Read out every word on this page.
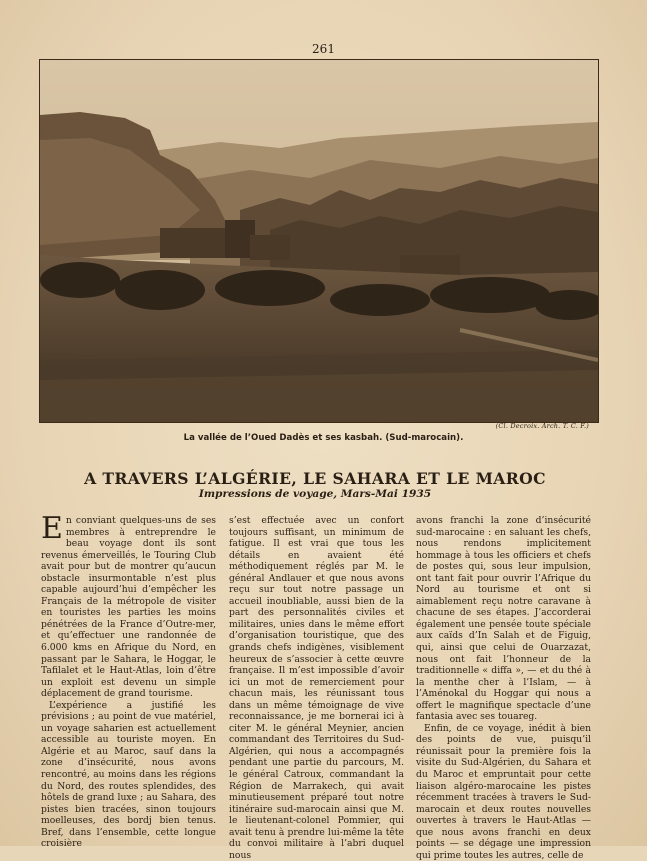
261
(Cl. Decroix. Arch. T. C. F.)
La vallée de l’Oued Dadès et ses kasbah. (Sud-marocain).
A TRAVERS L’ALGÉRIE, LE SAHARA ET LE MAROC
Impressions de voyage, Mars-Mai 1935

En conviant quelques-uns de ses membres à entreprendre le beau voyage dont ils sont revenus émerveillés, le Touring Club avait pour but de montrer qu’aucun obstacle insurmontable n’est plus capable aujourd’hui d’empêcher les Français de la métropole de visiter en touristes les parties les moins pénétrées de la France d’Outre-mer, et qu’effectuer une randonnée de 6.000 kms en Afrique du Nord, en passant par le Sahara, le Hoggar, le Tafilalet et le Haut-Atlas, loin d’être un exploit est devenu un simple déplacement de grand tourisme.

L’expérience a justifié les prévisions ; au point de vue matériel, un voyage saharien est actuellement accessible au touriste moyen. En Algérie et au Maroc, sauf dans la zone d’insécurité, nous avons rencontré, au moins dans les régions du Nord, des routes splendides, des hôtels de grand luxe ; au Sahara, des pistes bien tracées, sinon toujours moelleuses, des bordj bien tenus. Bref, dans l’ensemble, cette longue croisière

s’est effectuée avec un confort toujours suffisant, un minimum de fatigue. Il est vrai que tous les détails en avaient été méthodiquement réglés par M. le général Andlauer et que nous avons reçu sur tout notre passage un accueil inoubliable, aussi bien de la part des personnalités civiles et militaires, unies dans le même effort d’organisation touristique, que des grands chefs indigènes, visiblement heureux de s’associer à cette œuvre française. Il m’est impossible d’avoir ici un mot de remerciement pour chacun mais, les réunissant tous dans un même témoignage de vive reconnaissance, je me bornerai ici à citer M. le général Meynier, ancien commandant des Territoires du Sud-Algérien, qui nous a accompagnés pendant une partie du parcours, M. le général Catroux, commandant la Région de Marrakech, qui avait minutieusement préparé tout notre itinéraire sud-marocain ainsi que M. le lieutenant-colonel Pommier, qui avait tenu à prendre lui-même la tête du convoi militaire à l’abri duquel nous

avons franchi la zone d’insécurité sud-marocaine : en saluant les chefs, nous rendons implicitement hommage à tous les officiers et chefs de postes qui, sous leur impulsion, ont tant fait pour ouvrir l’Afrique du Nord au tourisme et ont si aimablement reçu notre caravane à chacune de ses étapes. J’accorderai également une pensée toute spéciale aux caïds d’In Salah et de Figuig, qui, ainsi que celui de Ouarzazat, nous ont fait l’honneur de la traditionnelle « diffa », — et du thé à la menthe cher à l’Islam, — à l’Aménokal du Hoggar qui nous a offert le magnifique spectacle d’une fantasia avec ses touareg.

Enfin, de ce voyage, inédit à bien des points de vue, puisqu’il réunissait pour la première fois la visite du Sud-Algérien, du Sahara et du Maroc et empruntait pour cette liaison algéro-marocaine les pistes récemment tracées à travers le Sud-marocain et deux routes nouvelles ouvertes à travers le Haut-Atlas — que nous avons franchi en deux points — se dégage une impression qui prime toutes les autres, celle de
